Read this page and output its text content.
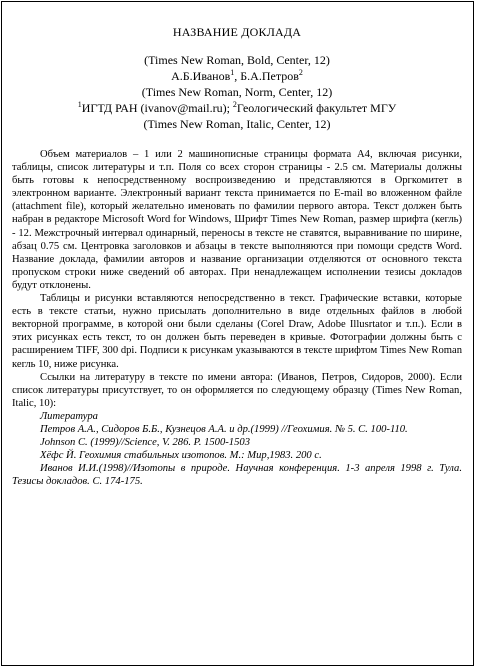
НАЗВАНИЕ ДОКЛАДА
(Times New Roman, Bold, Center, 12)
А.Б.Иванов$^1$, Б.А.Петров$^2$
(Times New Roman, Norm, Center, 12)
$^1$ИГТД РАН (ivanov@mail.ru); $^2$Геологический факультет МГУ
(Times New Roman, Italic, Center, 12)

Объем материалов – 1 или 2 машинописные страницы формата А4, включая рисунки, таблицы, список литературы и т.п. Поля со всех сторон страницы - 2.5 см. Материалы должны быть готовы к непосредственному воспроизведению и представляются в Оргкомитет в электронном варианте. Электронный вариант текста принимается по E-mail во вложенном файле (attachment file), который желательно именовать по фамилии первого автора. Текст должен быть набран в редакторе Microsoft Word for Windows, Шрифт Times New Roman, размер шрифта (кегль) - 12. Межстрочный интервал одинарный, переносы в тексте не ставятся, выравнивание по ширине, абзац 0.75 см. Центровка заголовков и абзацы в тексте выполняются при помощи средств Word. Название доклада, фамилии авторов и название организации отделяются от основного текста пропуском строки ниже сведений об авторах. При ненадлежащем исполнении тезисы докладов будут отклонены.

Таблицы и рисунки вставляются непосредственно в текст. Графические вставки, которые есть в тексте статьи, нужно присылать дополнительно в виде отдельных файлов в любой векторной программе, в которой они были сделаны (Corel Draw, Adobe Illusrtator и т.п.). Если в этих рисунках есть текст, то он должен быть переведен в кривые. Фотографии должны быть с расширением TIFF, 300 dpi. Подписи к рисункам указываются в тексте шрифтом Times New Roman кегль 10, ниже рисунка.

Ссылки на литературу в тексте по имени автора: (Иванов, Петров, Сидоров, 2000). Если список литературы присутствует, то он оформляется по следующему образцу (Times New Roman, Italic, 10):

Литература

Петров А.А., Сидоров Б.Б., Кузнецов А.А. и др.(1999) //Геохимия. № 5. С. 100-110.

Johnson C. (1999)//Science, V. 286. P. 1500-1503

Хёфс Й. Геохимия стабильных изотопов. М.: Мир,1983. 200 с.

Иванов И.И.(1998)//Изотопы в природе. Научная конференция. 1-3 апреля 1998 г. Тула. Тезисы докладов. С. 174-175.
